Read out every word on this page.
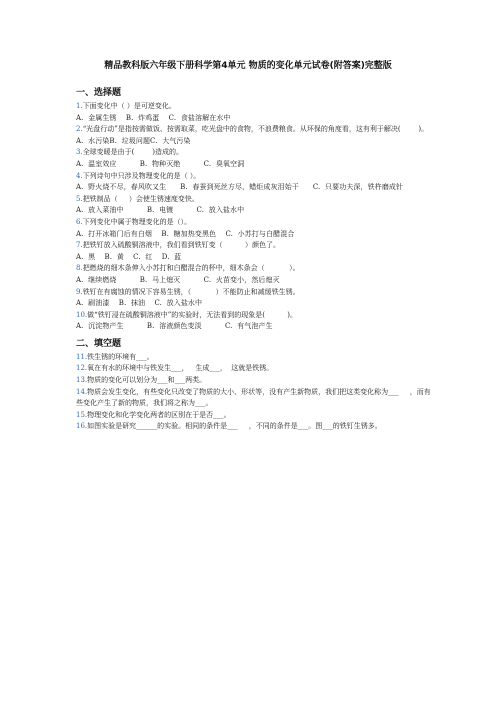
精品教科版六年级下册科学第4单元 物质的变化单元试卷(附答案)完整版
一、选择题

1.下面变化中（ ）是可逆变化。

A.  金属生锈    B.  炸鸡蛋    C.  食盐溶解在水中

2.“光盘行动”是指按需做饭、按需取菜，吃光盘中的食物，不浪费粮食。从环保的角度看，这有利于解决(        )。

A.  水污染B.  垃圾问题C.  大气污染

3.全球变暖是由于(        )造成的。

A.  温室效应          B.  物种灭绝          C.  臭氧空洞

4.下列诗句中只涉及物理变化的是（ ）。

A.  野火烧不尽，春风吹又生      B.  春蚕到死丝方尽，蜡炬成灰泪始干      C.  只要功夫深，铁杵磨成针

5.把铁制品（     ）会使生锈速度变快。

A.  放入菜油中          B.  电镀          C.  放入盐水中

6.下列变化中属于物理变化的是（）。

A.  打开冰箱门后有白烟    B.  糖加热变黑色    C.  小苏打与白醋混合

7.把铁钉放入硫酸铜溶液中，我们看到铁钉变（          ）颜色了。

A.  黑    B.  黄    C.  红    D.  蓝

8.把燃烧的细木条伸入小苏打和白醋混合的杯中，细木条会（           ）。

A.  继续燃烧          B.  马上熄灭          C.  火苗变小，然后熄灭

9.铁钉在有腐蚀的情况下容易生锈，（           ）不能防止和减缓铁生锈。

A.  刷油漆    B.  抹油    C.  放入盐水中

10.做“铁钉浸在硫酸铜溶液中”的实验时，无法看到的现象是(          )。

A.  沉淀物产生          B.  溶液颜色变淡          C.  有气泡产生

二、填空题

11.铁生锈的环境有___。

12.氧在有水的环境中与铁发生___，   生成___，  这就是铁锈。

13.物质的变化可以划分为___和___两类。

14.物质会发生变化，有些变化只改变了物质的大小、形状等，没有产生新物质，我们把这类变化称为___     ，而有些变化产生了新的物质，我们将之称为___。

15.物理变化和化学变化两者的区别在于是否___。

16.如图实验是研究______的实验。相同的条件是___     ，不同的条件是___。图___的铁钉生锈多。
